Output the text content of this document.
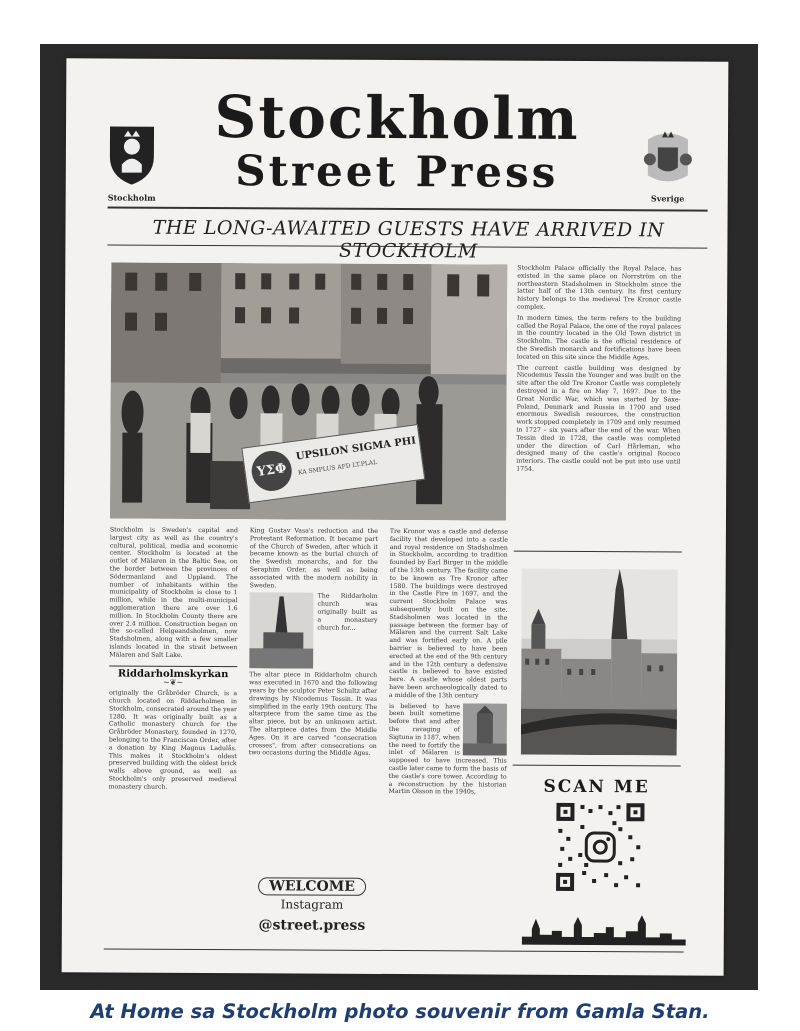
Stockholm	Sverige
Stockholm
Street Press
THE LONG-AWAITED GUESTS HAVE ARRIVED IN STOCKHOLM
ΥΣΦ
UPSILON SIGMA PHI
KA SMPLUS AFD LT.PLAL

Stockholm Palace officially the Royal Palace, has existed in the same place on Norrström on the northeastern Stadsholmen in Stockholm since the latter half of the 13th century. Its first century history belongs to the medieval Tre Kronor castle complex.

In modern times, the term refers to the building called the Royal Palace, the one of the royal palaces in the country located in the Old Town district in Stockholm. The castle is the official residence of the Swedish monarch and fortifications have been located on this site since the Middle Ages.

The current castle building was designed by Nicodemus Tessin the Younger and was built on the site after the old Tre Kronor Castle was completely destroyed in a fire on May 7, 1697. Due to the Great Nordic War, which was started by Saxe-Poland, Denmark and Russia in 1700 and used enormous Swedish resources, the construction work stopped completely in 1709 and only resumed in 1727 – six years after the end of the war. When Tessin died in 1728, the castle was completed under the direction of Carl Hårleman, who designed many of the castle's original Rococo interiors. The castle could not be put into use until 1754.

SCAN ME

Stockholm is Sweden's capital and largest city as well as the country's cultural, political, media and economic center. Stockholm is located at the outlet of Mälaren in the Baltic Sea, on the border between the provinces of Södermanland and Uppland. The number of inhabitants within the municipality of Stockholm is close to 1 million, while in the multi-municipal agglomeration there are over 1.6 million. In Stockholm County there are over 2.4 million. Construction began on the so-called Helgeandsholmen, now Stadsholmen, along with a few smaller islands located in the strait between Mälaren and Salt Lake.

Riddarholmskyrkan
~❦~

originally the Gråbröder Church, is a church located on Riddarholmen in Stockholm, consecrated around the year 1280. It was originally built as a Catholic monastery church for the Gråbröder Monastery, founded in 1270, belonging to the Franciscan Order, after a donation by King Magnus Ladulås. This makes it Stockholm's oldest preserved building with the oldest brick walls above ground, as well as Stockholm's only preserved medieval monastery church.

King Gustav Vasa's reduction and the Protestant Reformation. It became part of the Church of Sweden, after which it became known as the burial church of the Swedish monarchs, and for the Seraphim Order, as well as being associated with the modern nobility in Sweden.

The Riddarholm church was originally built as a monastery church for...

The altar piece in Riddarholm church was executed in 1670 and the following years by the sculptor Peter Schultz after drawings by Nicodemus Tessin. It was simplified in the early 19th century. The altarpiece from the same time as the altar piece, but by an unknown artist. The altarpiece dates from the Middle Ages. On it are carved "consecration crosses", from after consecrations on two occasions during the Middle Ages.

Tre Kronor was a castle and defense facility that developed into a castle and royal residence on Stadsholmen in Stockholm, according to tradition founded by Earl Birger in the middle of the 13th century. The facility came to be known as Tre Kronor after 1580. The buildings were destroyed in the Castle Fire in 1697, and the current Stockholm Palace was subsequently built on the site. Stadsholmen was located in the passage between the former bay of Mälaren and the current Salt Lake and was fortified early on. A pile barrier is believed to have been erected at the end of the 9th century and in the 12th century a defensive castle is believed to have existed here. A castle whose oldest parts have been archaeologically dated to a middle of the 13th century

is believed to have been built sometime before that and after the ravaging of Sigtuna in 1187, when the need to fortify the inlet of Mälaren is supposed to have increased. This castle later came to form the basis of the castle's core tower. According to a reconstruction by the historian Martin Olsson in the 1940s,

WELCOME
Instagram
@street.press
At Home sa Stockholm photo souvenir from Gamla Stan.
